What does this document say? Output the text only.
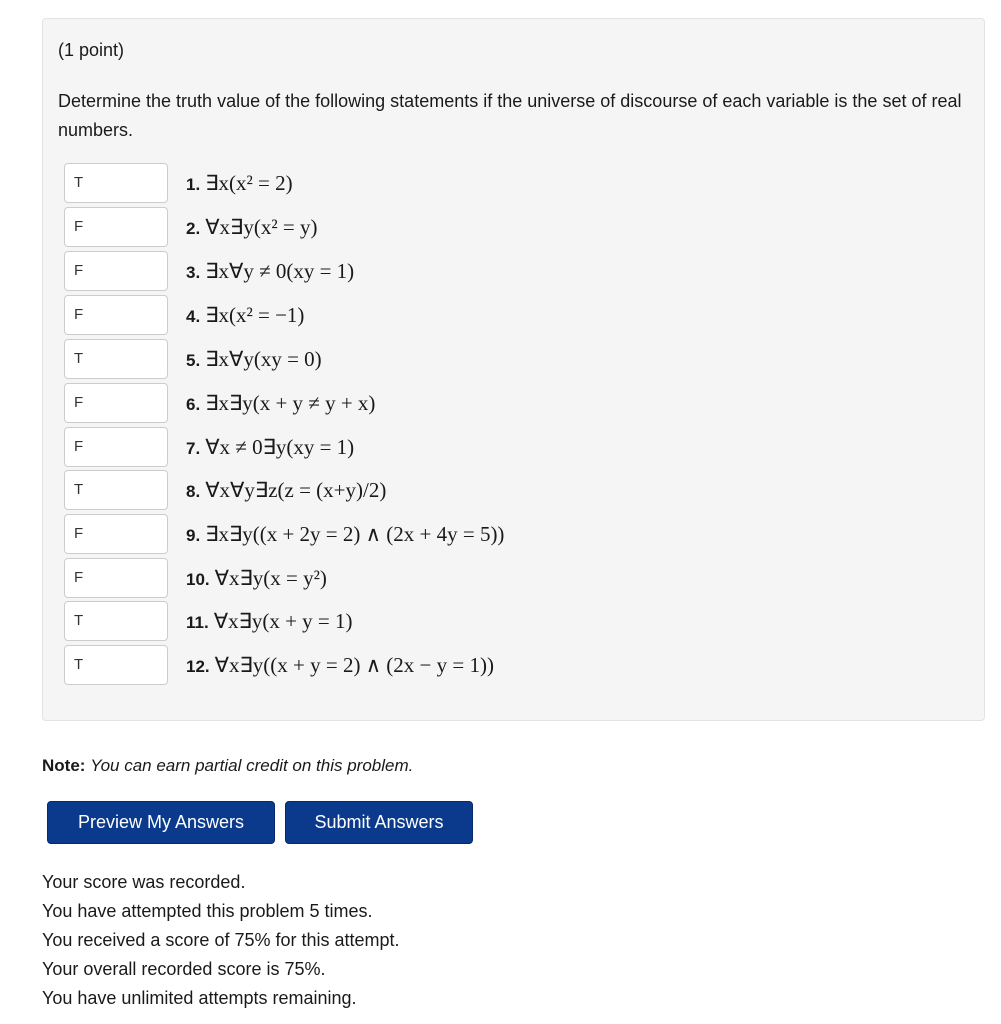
(1 point)
Determine the truth value of the following statements if the universe of discourse of each variable is the set of real numbers.
T	1. ∃x(x² = 2)
F	2. ∀x∃y(x² = y)
F	3. ∃x∀y ≠ 0(xy = 1)
F	4. ∃x(x² = −1)
T	5. ∃x∀y(xy = 0)
F	6. ∃x∃y(x + y ≠ y + x)
F	7. ∀x ≠ 0∃y(xy = 1)
T	8. ∀x∀y∃z(z = (x+y)/2)
F	9. ∃x∃y((x + 2y = 2) ∧ (2x + 4y = 5))
F	10. ∀x∃y(x = y²)
T	11. ∀x∃y(x + y = 1)
T	12. ∀x∃y((x + y = 2) ∧ (2x − y = 1))
Note: You can earn partial credit on this problem.
Preview My Answers	Submit Answers
Your score was recorded.
You have attempted this problem 5 times.
You received a score of 75% for this attempt.
Your overall recorded score is 75%.
You have unlimited attempts remaining.
